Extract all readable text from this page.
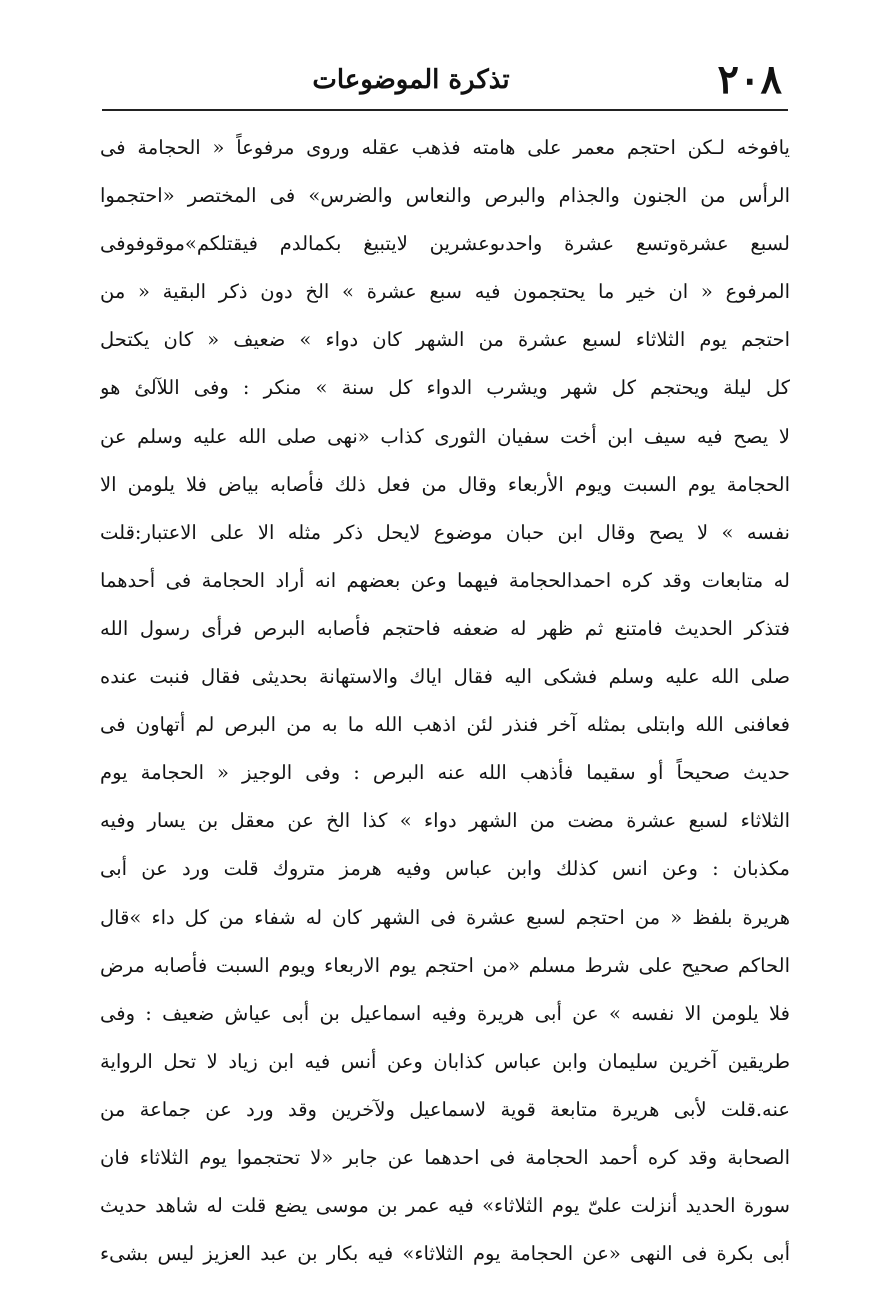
٢٠٨
تذكرة الموضوعات
يافوخه لـكن احتجم معمر على هامته فذهب عقله وروى مرفوعاً « الحجامة فى
الرأس من الجنون والجذام والبرص والنعاس والضرس» فى المختصر «احتجموا
لسبع عشرةوتسع عشرة واحدىوعشرين لايتبيغ بكمالدم فيقتلكم»موقوفوفى
المرفوع « ان خير ما يحتجمون فيه سبع عشرة » الخ دون ذكر البقية « من
احتجم يوم الثلاثاء لسبع عشرة من الشهر كان دواء » ضعيف « كان يكتحل
كل ليلة ويحتجم كل شهر ويشرب الدواء كل سنة » منكر : وفى اللآلئ هو
لا يصح فيه سيف ابن أخت سفيان الثورى كذاب «نهى صلى الله عليه وسلم عن
الحجامة يوم السبت ويوم الأربعاء وقال من فعل ذلك فأصابه بياض فلا يلومن الا
نفسه » لا يصح وقال ابن حبان موضوع لايحل ذكر مثله الا على الاعتبار:قلت
له متابعات وقد كره احمدالحجامة فيهما وعن بعضهم انه أراد الحجامة فى أحدهما
فتذكر الحديث فامتنع ثم ظهر له ضعفه فاحتجم فأصابه البرص فرأى رسول الله
صلى الله عليه وسلم فشكى اليه فقال اياك والاستهانة بحديثى فقال فنبت عنده
فعافنى الله وابتلى بمثله آخر فنذر لئن اذهب الله ما به من البرص لم أتهاون فى
حديث صحيحاً أو سقيما فأذهب الله عنه البرص : وفى الوجيز « الحجامة يوم
الثلاثاء لسبع عشرة مضت من الشهر دواء » كذا الخ عن معقل بن يسار وفيه
مكذبان : وعن انس كذلك وابن عباس وفيه هرمز متروك قلت ورد عن أبى
هريرة بلفظ « من احتجم لسبع عشرة فى الشهر كان له شفاء من كل داء »قال
الحاكم صحيح على شرط مسلم «من احتجم يوم الاربعاء ويوم السبت فأصابه مرض
فلا يلومن الا نفسه » عن أبى هريرة وفيه اسماعيل بن أبى عياش ضعيف : وفى
طريقين آخرين سليمان وابن عباس كذابان وعن أنس فيه ابن زياد لا تحل الرواية
عنه.قلت لأبى هريرة متابعة قوية لاسماعيل ولآخرين وقد ورد عن جماعة من
الصحابة وقد كره أحمد الحجامة فى احدهما عن جابر «لا تحتجموا يوم الثلاثاء فان
سورة الحديد أنزلت علىّ يوم الثلاثاء» فيه عمر بن موسى يضع قلت له شاهد حديث
أبى بكرة فى النهى «عن الحجامة يوم الثلاثاء» فيه بكار بن عبد العزيز ليس بشىء
